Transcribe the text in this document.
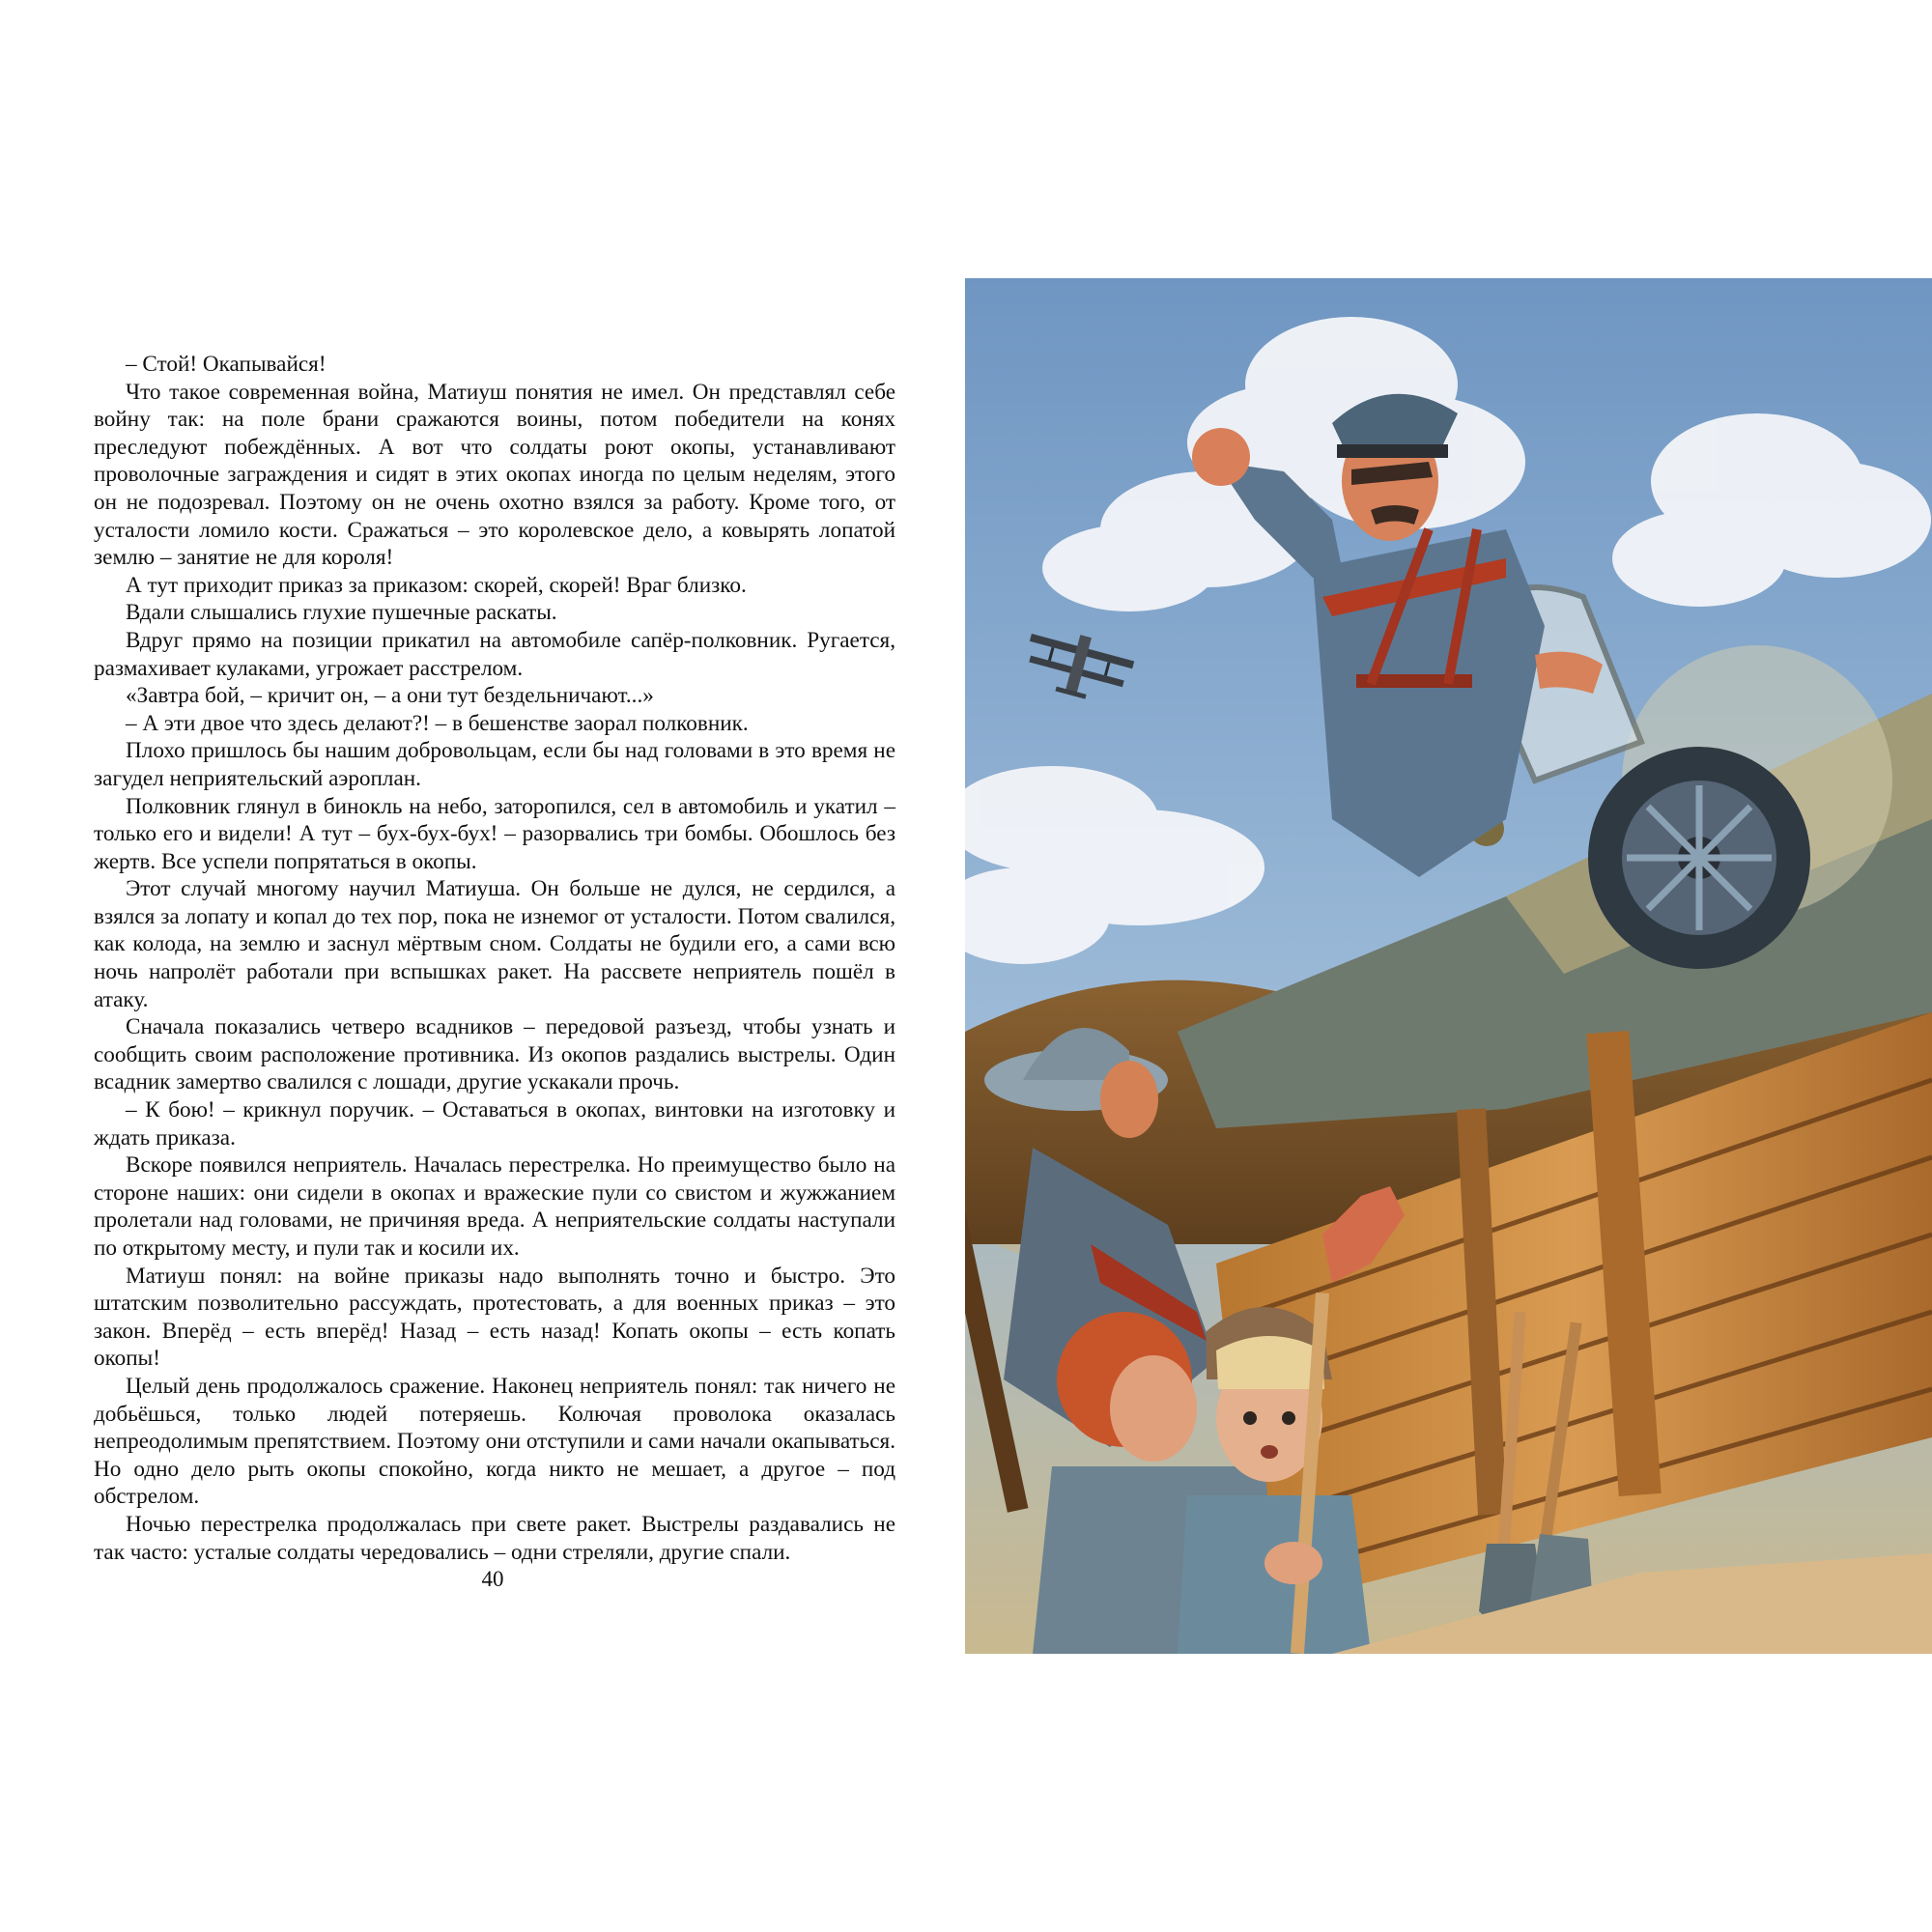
– Стой! Окапывайся!

Что такое современная война, Матиуш понятия не имел. Он представлял себе войну так: на поле брани сражаются воины, потом победители на конях преследуют побеждённых. А вот что солдаты роют окопы, устанавливают проволочные заграждения и сидят в этих окопах иногда по целым неделям, этого он не подозревал. Поэтому он не очень охотно взялся за работу. Кроме того, от усталости ломило кости. Сражаться – это королевское дело, а ковырять лопатой землю – занятие не для короля!

А тут приходит приказ за приказом: скорей, скорей! Враг близко.

Вдали слышались глухие пушечные раскаты.

Вдруг прямо на позиции прикатил на автомобиле сапёр-полковник. Ругается, размахивает кулаками, угрожает расстрелом.

«Завтра бой, – кричит он, – а они тут бездельничают...»

– А эти двое что здесь делают?! – в бешенстве заорал полковник.

Плохо пришлось бы нашим добровольцам, если бы над головами в это время не загудел неприятельский аэроплан.

Полковник глянул в бинокль на небо, заторопился, сел в автомобиль и укатил – только его и видели! А тут – бух-бух-бух! – разорвались три бомбы. Обошлось без жертв. Все успели попрятаться в окопы.

Этот случай многому научил Матиуша. Он больше не дулся, не сердился, а взялся за лопату и копал до тех пор, пока не изнемог от усталости. Потом свалился, как колода, на землю и заснул мёртвым сном. Солдаты не будили его, а сами всю ночь напролёт работали при вспышках ракет. На рассвете неприятель пошёл в атаку.

Сначала показались четверо всадников – передовой разъезд, чтобы узнать и сообщить своим расположение противника. Из окопов раздались выстрелы. Один всадник замертво свалился с лошади, другие ускакали прочь.

– К бою! – крикнул поручик. – Оставаться в окопах, винтовки на изготовку и ждать приказа.

Вскоре появился неприятель. Началась перестрелка. Но преимущество было на стороне наших: они сидели в окопах и вражеские пули со свистом и жужжанием пролетали над головами, не причиняя вреда. А неприятельские солдаты наступали по открытому месту, и пули так и косили их.

Матиуш понял: на войне приказы надо выполнять точно и быстро. Это штатским позволительно рассуждать, протестовать, а для военных приказ – это закон. Вперёд – есть вперёд! Назад – есть назад! Копать окопы – есть копать окопы!

Целый день продолжалось сражение. Наконец неприятель понял: так ничего не добьёшься, только людей потеряешь. Колючая проволока оказалась непреодолимым препятствием. Поэтому они отступили и сами начали окапываться. Но одно дело рыть окопы спокойно, когда никто не мешает, а другое – под обстрелом.

Ночью перестрелка продолжалась при свете ракет. Выстрелы раздавались не так часто: усталые солдаты чередовались – одни стреляли, другие спали.

40
